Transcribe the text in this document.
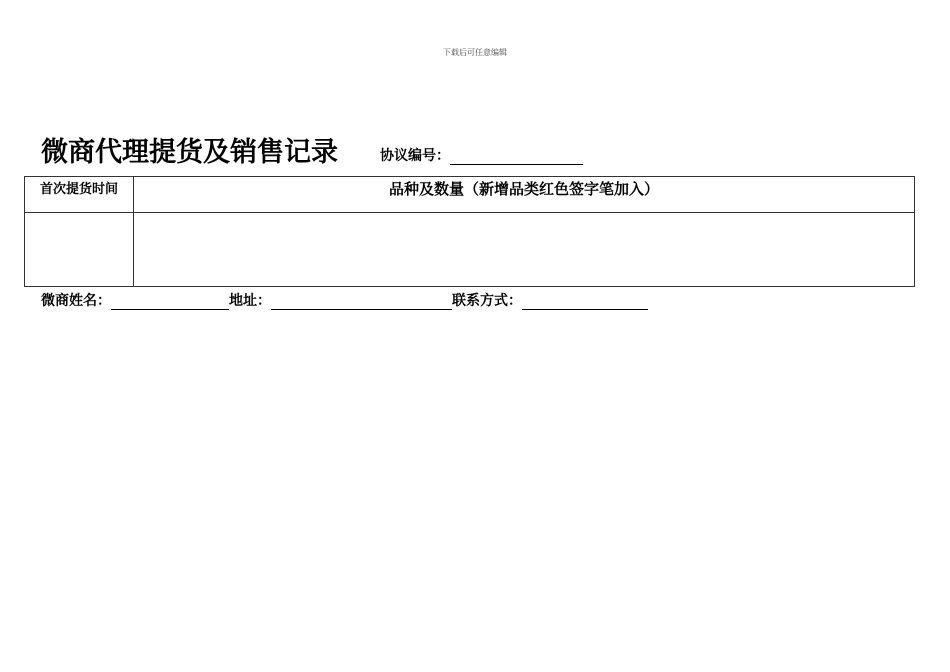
下载后可任意编辑
微商代理提货及销售记录	协议编号：
首次提货时间	品种及数量（新增品类红色签字笔加入）

微商姓名：	地址：	联系方式：
